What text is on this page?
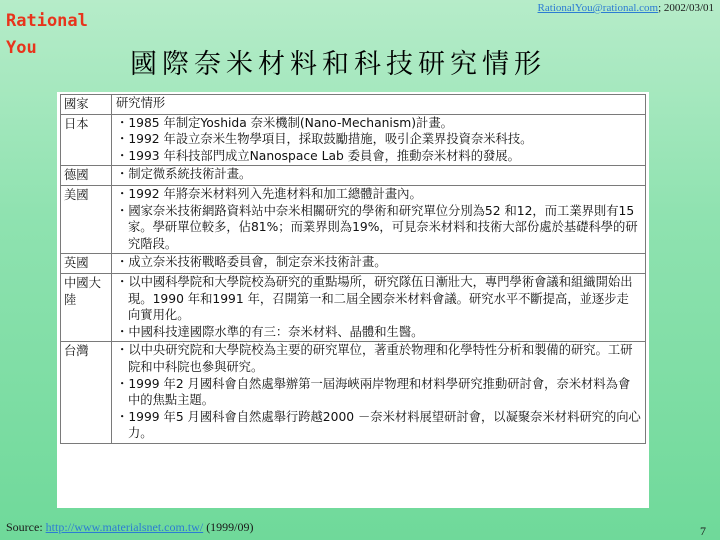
Rational
You
RationalYou@rational.com; 2002/03/01
國際奈米材料和科技研究情形
國家	研究情形
日本	・ 1985 年制定Yoshida 奈米機制(Nano-Mechanism)計畫。
・ 1992 年設立奈米生物學項目，採取鼓勵措施，吸引企業界投資奈米科技。
・ 1993 年科技部門成立Nanospace Lab 委員會，推動奈米材料的發展。

德國	・ 制定微系統技術計畫。

美國	・ 1992 年將奈米材料列入先進材料和加工總體計畫內。
・ 國家奈米技術網路資料站中奈米相關研究的學術和研究單位分別為52 和12，而工業界則有15 家。學研單位較多，佔81%；而業界則為19%，可見奈米材料和技術大部份處於基礎科學的研究階段。

英國	・ 成立奈米技術戰略委員會，制定奈米技術計畫。

中國大陸	・ 以中國科學院和大學院校為研究的重點場所，研究隊伍日漸壯大，專門學術會議和組織開始出現。1990 年和1991 年，召開第一和二屆全國奈米材料會議。研究水平不斷提高，並逐步走向實用化。
・ 中國科技達國際水準的有三：奈米材料、晶體和生醫。

台灣	・ 以中央研究院和大學院校為主要的研究單位，著重於物理和化學特性分析和製備的研究。工研院和中科院也參與研究。
・ 1999 年2 月國科會自然處舉辦第一屆海峽兩岸物理和材料學研究推動研討會，奈米材料為會中的焦點主題。
・ 1999 年5 月國科會自然處舉行跨越2000 －奈米材料展望研討會，以凝聚奈米材料研究的向心力。
Source: http://www.materialsnet.com.tw/ (1999/09)	7
